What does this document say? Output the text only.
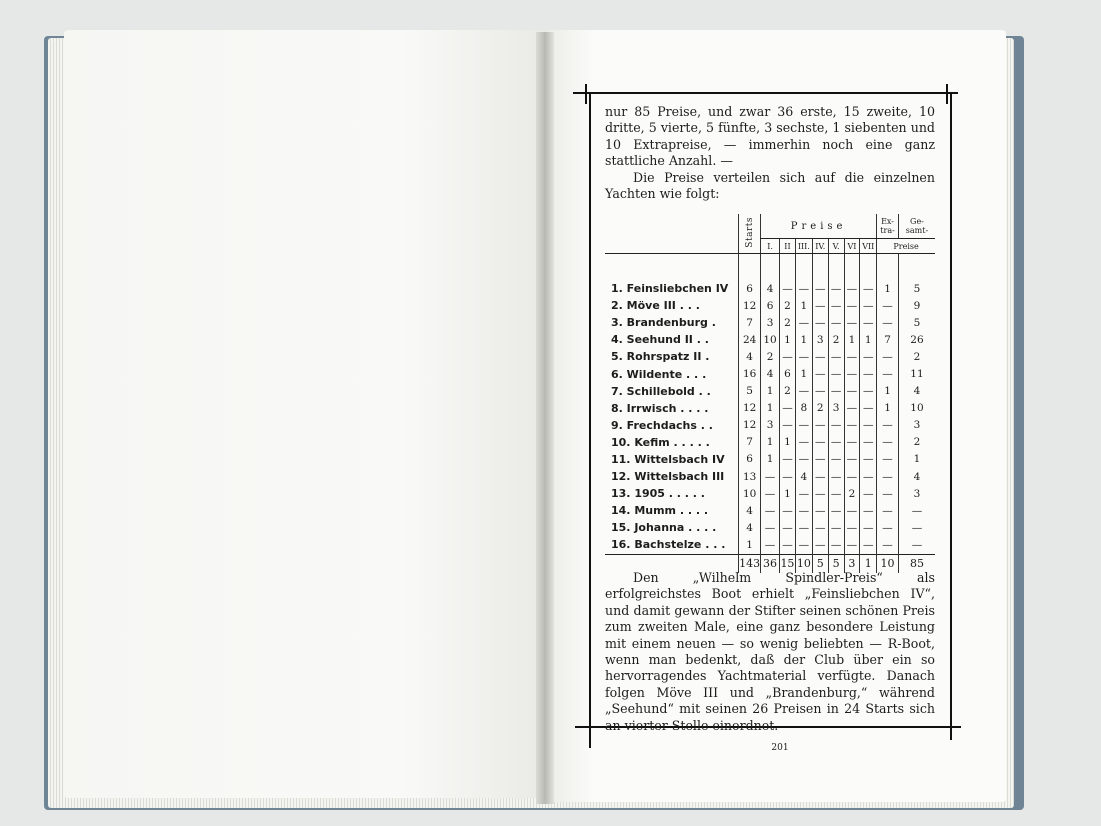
nur 85 Preise, und zwar 36 erste, 15 zweite, 10 dritte, 5 vierte, 5 fünfte, 3 sechste, 1 siebenten und 10 Extrapreise, — immerhin noch eine ganz stattliche Anzahl. —

Die Preise verteilen sich auf die einzelnen Yachten wie folgt:

	Starts	Preise							Ex-tra-	Ge-samt-
		I.	II	III.	IV.	V.	VI	VII	Preise	

1. Feinsliebchen IV	6	4	—	—	—	—	—	—	1	5
2. Möve III . . .	12	6	2	1	—	—	—	—	—	9
3. Brandenburg .	7	3	2	—	—	—	—	—	—	5
4. Seehund II . .	24	10	1	1	3	2	1	1	7	26
5. Rohrspatz II .	4	2	—	—	—	—	—	—	—	2
6. Wildente . . .	16	4	6	1	—	—	—	—	—	11
7. Schillebold . .	5	1	2	—	—	—	—	—	1	4
8. Irrwisch . . . .	12	1	—	8	2	3	—	—	1	10
9. Frechdachs . .	12	3	—	—	—	—	—	—	—	3
10. Kefim . . . . .	7	1	1	—	—	—	—	—	—	2
11. Wittelsbach IV	6	1	—	—	—	—	—	—	—	1
12. Wittelsbach III	13	—	—	4	—	—	—	—	—	4
13. 1905 . . . . .	10	—	1	—	—	—	2	—	—	3
14. Mumm . . . .	4	—	—	—	—	—	—	—	—	—
15. Johanna . . . .	4	—	—	—	—	—	—	—	—	—
16. Bachstelze . . .	1	—	—	—	—	—	—	—	—	—
	143	36	15	10	5	5	3	1	10	85

Den „Wilhelm Spindler-Preis“ als erfolgreichstes Boot erhielt „Feinsliebchen IV“, und damit gewann der Stifter seinen schönen Preis zum zweiten Male, eine ganz besondere Leistung mit einem neuen — so wenig beliebten — R-Boot, wenn man bedenkt, daß der Club über ein so hervorragendes Yachtmaterial verfügte. Danach folgen Möve III und „Brandenburg,“ während „Seehund“ mit seinen 26 Preisen in 24 Starts sich an vierter Stelle einordnet.

201
